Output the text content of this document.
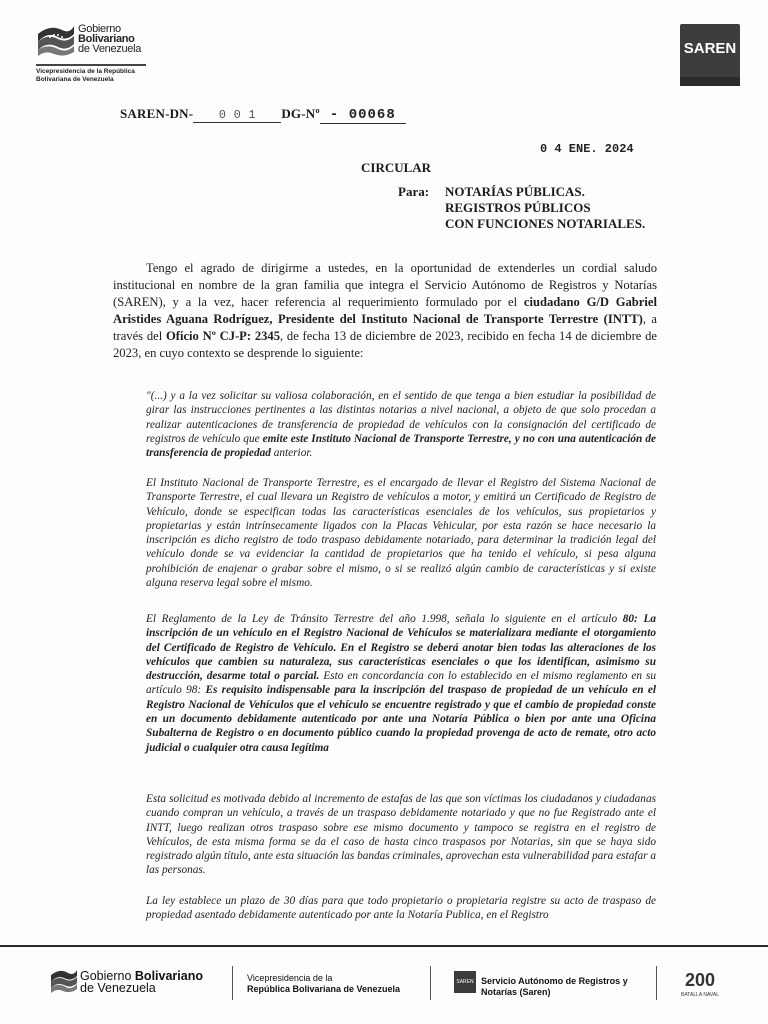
Gobierno
Bolivariano
de Venezuela
Vicepresidencia de la República
Bolivariana de Venezuela
SAREN
SAREN-DN- 0 0 1 DG-Nº - 00068
0 4 ENE. 2024
CIRCULAR
Para: NOTARÍAS PÚBLICAS.
REGISTROS PÚBLICOS
CON FUNCIONES NOTARIALES.
Tengo el agrado de dirigirme a ustedes, en la oportunidad de extenderles un cordial saludo institucional en nombre de la gran familia que integra el Servicio Autónomo de Registros y Notarías (SAREN), y a la vez, hacer referencia al requerimiento formulado por el ciudadano G/D Gabriel Aristides Aguana Rodríguez, Presidente del Instituto Nacional de Transporte Terrestre (INTT), a través del Oficio Nº CJ-P: 2345, de fecha 13 de diciembre de 2023, recibido en fecha 14 de diciembre de 2023, en cuyo contexto se desprende lo siguiente:
"(...) y a la vez solicitar su valiosa colaboración, en el sentido de que tenga a bien estudiar la posibilidad de girar las instrucciones pertinentes a las distintas notarias a nivel nacional, a objeto de que solo procedan a realizar autenticaciones de transferencia de propiedad de vehículos con la consignación del certificado de registros de vehículo que emite este Instituto Nacional de Transporte Terrestre, y no con una autenticación de transferencia de propiedad anterior.
El Instituto Nacional de Transporte Terrestre, es el encargado de llevar el Registro del Sistema Nacional de Transporte Terrestre, el cual llevara un Registro de vehículos a motor, y emitirá un Certificado de Registro de Vehículo, donde se especifican todas las características esenciales de los vehículos, sus propietarios y propietarias y están intrínsecamente ligados con la Placas Vehicular, por esta razón se hace necesario la inscripción es dicho registro de todo traspaso debidamente notariado, para determinar la tradición legal del vehículo donde se va evidenciar la cantidad de propietarios que ha tenido el vehículo, si pesa alguna prohibición de enajenar o grabar sobre el mismo, o si se realizó algún cambio de características y si existe alguna reserva legal sobre el mismo.
El Reglamento de la Ley de Tránsito Terrestre del año 1.998, señala lo siguiente en el artículo 80: La inscripción de un vehículo en el Registro Nacional de Vehículos se materializara mediante el otorgamiento del Certificado de Registro de Vehículo. En el Registro se deberá anotar bien todas las alteraciones de los vehículos que cambien su naturaleza, sus características esenciales o que los identifican, asimismo su destrucción, desarme total o parcial. Esto en concordancia con lo establecido en el mismo reglamento en su artículo 98: Es requisito indispensable para la inscripción del traspaso de propiedad de un vehículo en el Registro Nacional de Vehículos que el vehículo se encuentre registrado y que el cambio de propiedad conste en un documento debidamente autenticado por ante una Notaría Pública o bien por ante una Oficina Subalterna de Registro o en documento público cuando la propiedad provenga de acto de remate, otro acto judicial o cualquier otra causa legítima
Esta solicitud es motivada debido al incremento de estafas de las que son víctimas los ciudadanos y ciudadanas cuando compran un vehículo, a través de un traspaso debidamente notariado y que no fue Registrado ante el INTT, luego realizan otros traspaso sobre ese mismo documento y tampoco se registra en el registro de Vehículos, de esta misma forma se da el caso de hasta cinco traspasos por Notarias, sin que se haya sido registrado algún título, ante esta situación las bandas criminales, aprovechan esta vulnerabilidad para estafar a las personas.
La ley establece un plazo de 30 días para que todo propietario o propietaria registre su acto de traspaso de propiedad asentado debidamente autenticado por ante la Notaría Publica, en el Registro
Gobierno Bolivariano
de Venezuela
Vicepresidencia de la
República Bolivariana de Venezuela
SAREN Servicio Autónomo de Registros y
Notarías (Saren)
200
BATALLA NAVAL
